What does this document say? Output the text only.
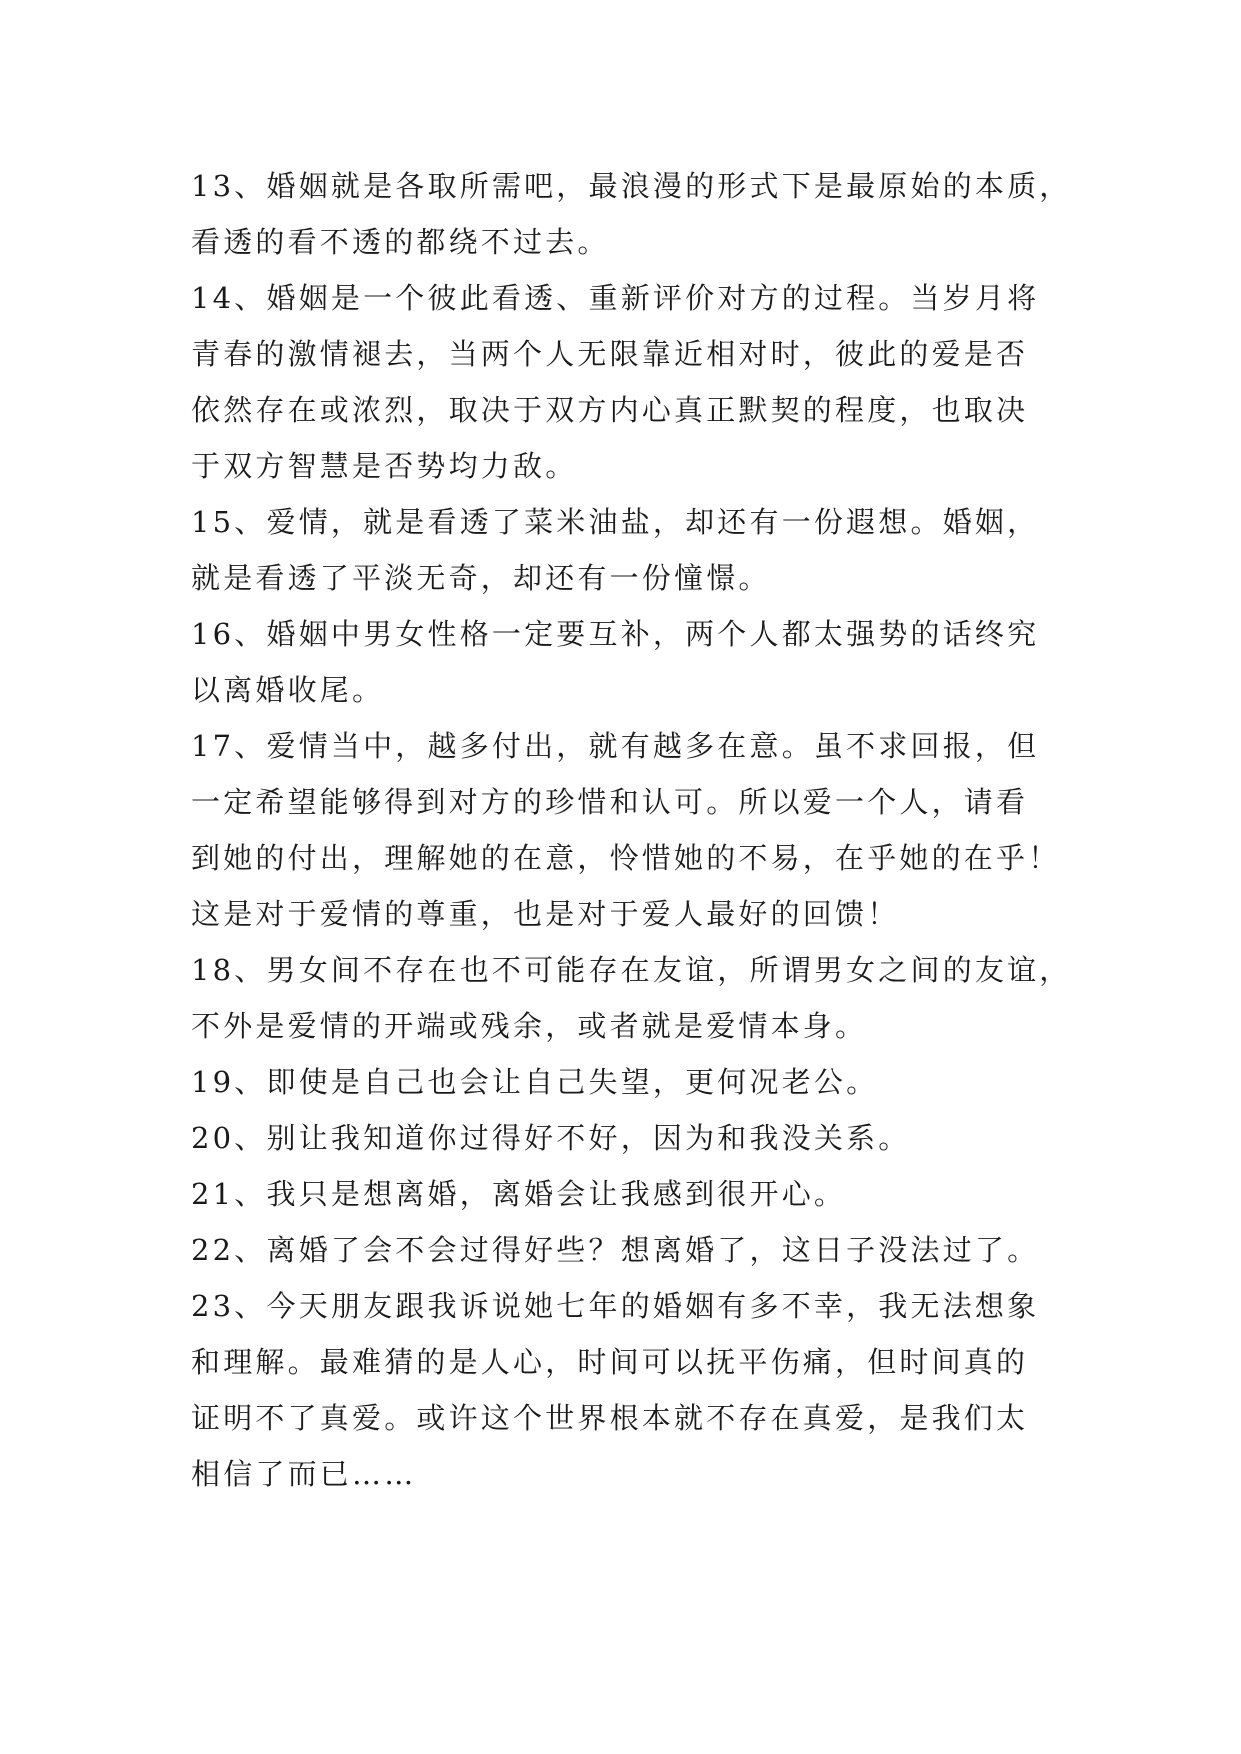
13、婚姻就是各取所需吧，最浪漫的形式下是最原始的本质，
看透的看不透的都绕不过去。

14、婚姻是一个彼此看透、重新评价对方的过程。当岁月将
青春的激情褪去，当两个人无限靠近相对时，彼此的爱是否
依然存在或浓烈，取决于双方内心真正默契的程度，也取决
于双方智慧是否势均力敌。

15、爱情，就是看透了菜米油盐，却还有一份遐想。婚姻，
就是看透了平淡无奇，却还有一份憧憬。

16、婚姻中男女性格一定要互补，两个人都太强势的话终究
以离婚收尾。

17、爱情当中，越多付出，就有越多在意。虽不求回报，但
一定希望能够得到对方的珍惜和认可。所以爱一个人，请看
到她的付出，理解她的在意，怜惜她的不易，在乎她的在乎！
这是对于爱情的尊重，也是对于爱人最好的回馈！

18、男女间不存在也不可能存在友谊，所谓男女之间的友谊，
不外是爱情的开端或残余，或者就是爱情本身。

19、即使是自己也会让自己失望，更何况老公。

20、别让我知道你过得好不好，因为和我没关系。

21、我只是想离婚，离婚会让我感到很开心。

22、离婚了会不会过得好些？想离婚了，这日子没法过了。

23、今天朋友跟我诉说她七年的婚姻有多不幸，我无法想象
和理解。最难猜的是人心，时间可以抚平伤痛，但时间真的
证明不了真爱。或许这个世界根本就不存在真爱，是我们太
相信了而已……
